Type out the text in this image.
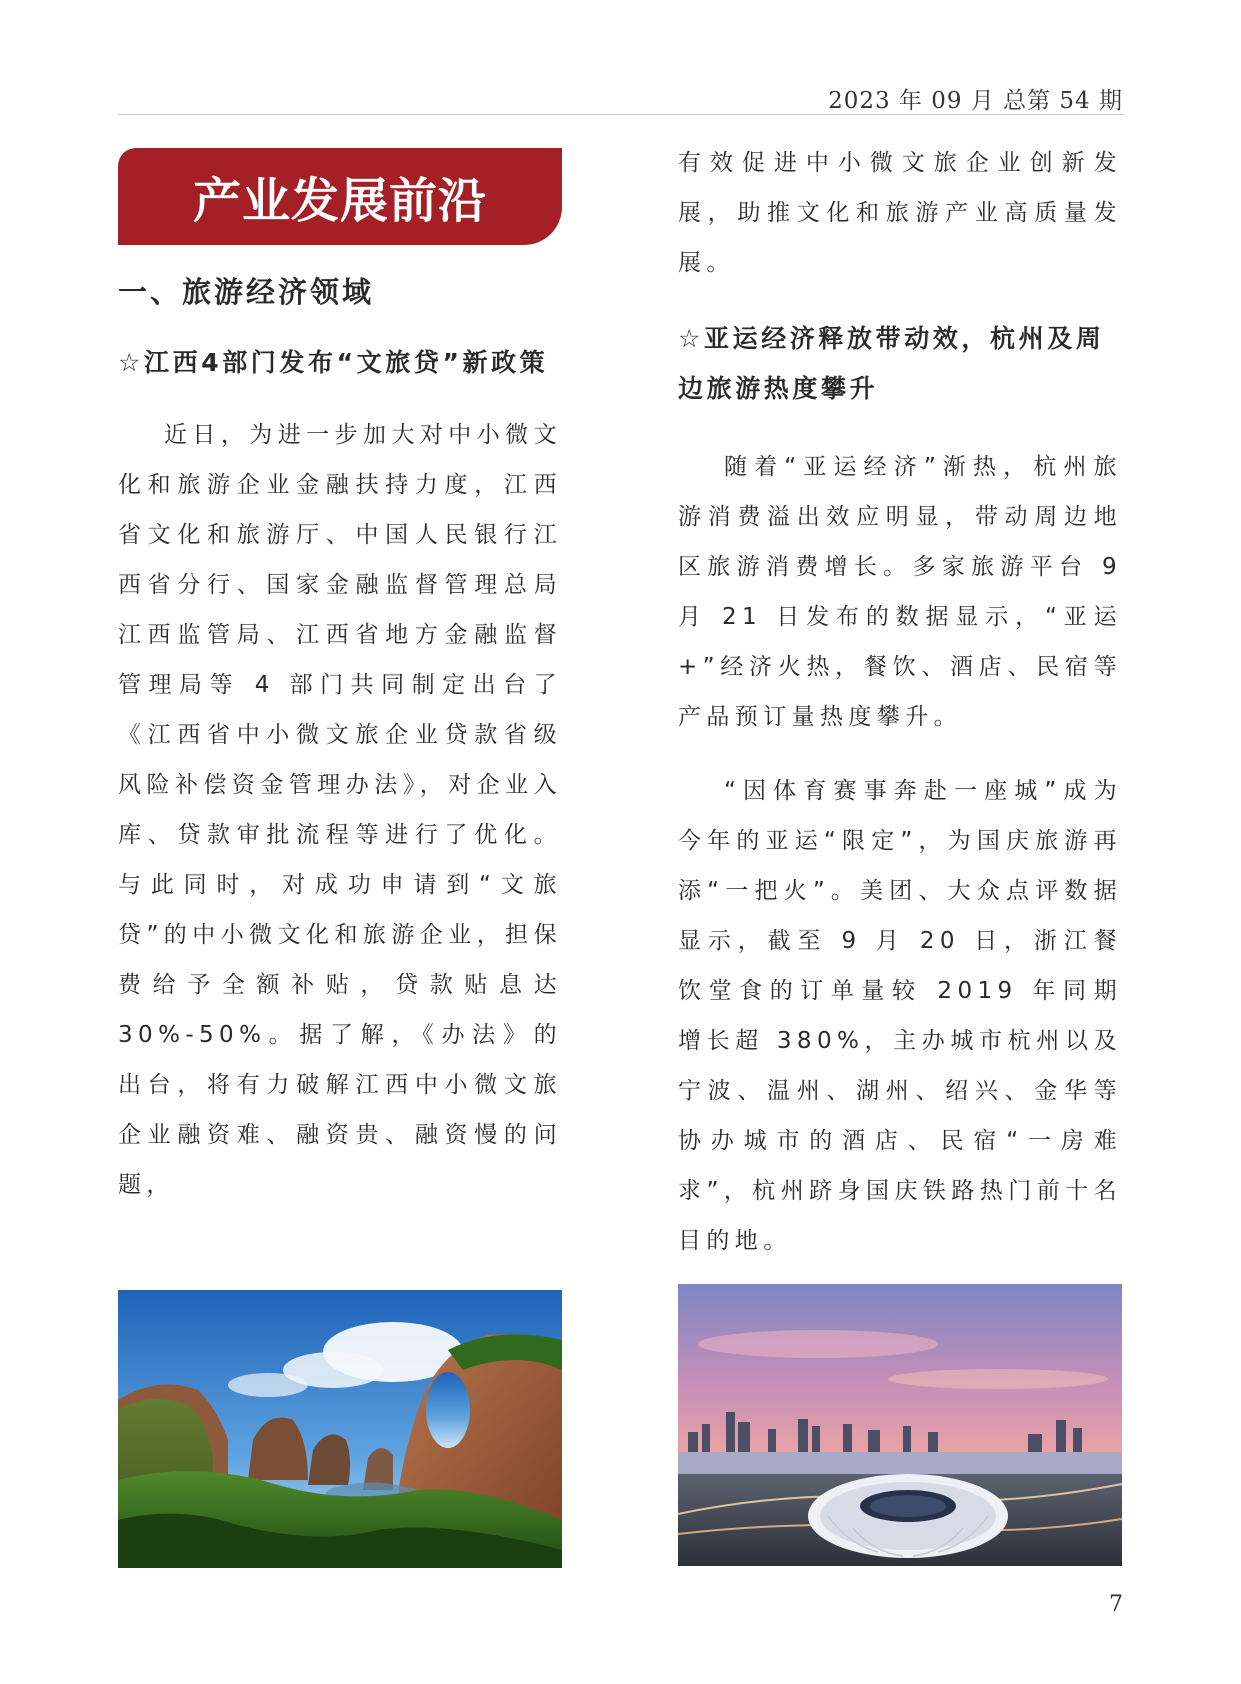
2023 年 09 月 总第 54 期
产业发展前沿
一、旅游经济领域
☆江西4部门发布“文旅贷”新政策

近日，为进一步加大对中小微文化和旅游企业金融扶持力度，江西省文化和旅游厅、中国人民银行江西省分行、国家金融监督管理总局江西监管局、江西省地方金融监督管理局等 4 部门共同制定出台了《江西省中小微文旅企业贷款省级风险补偿资金管理办法》，对企业入库、贷款审批流程等进行了优化。与此同时，对成功申请到“文旅贷”的中小微文化和旅游企业，担保费给予全额补贴，贷款贴息达 30%-50%。据了解，《办法》的出台，将有力破解江西中小微文旅企业融资难、融资贵、融资慢的问题，

有效促进中小微文旅企业创新发展，助推文化和旅游产业高质量发展。

☆亚运经济释放带动效，杭州及周边旅游热度攀升

随着“亚运经济”渐热，杭州旅游消费溢出效应明显，带动周边地区旅游消费增长。多家旅游平台 9 月 21 日发布的数据显示，“亚运 +”经济火热，餐饮、酒店、民宿等产品预订量热度攀升。

“因体育赛事奔赴一座城”成为今年的亚运“限定”，为国庆旅游再添“一把火”。美团、大众点评数据显示，截至 9 月 20 日，浙江餐饮堂食的订单量较 2019 年同期增长超 380%，主办城市杭州以及宁波、温州、湖州、绍兴、金华等协办城市的酒店、民宿“一房难求”，杭州跻身国庆铁路热门前十名目的地。

7
